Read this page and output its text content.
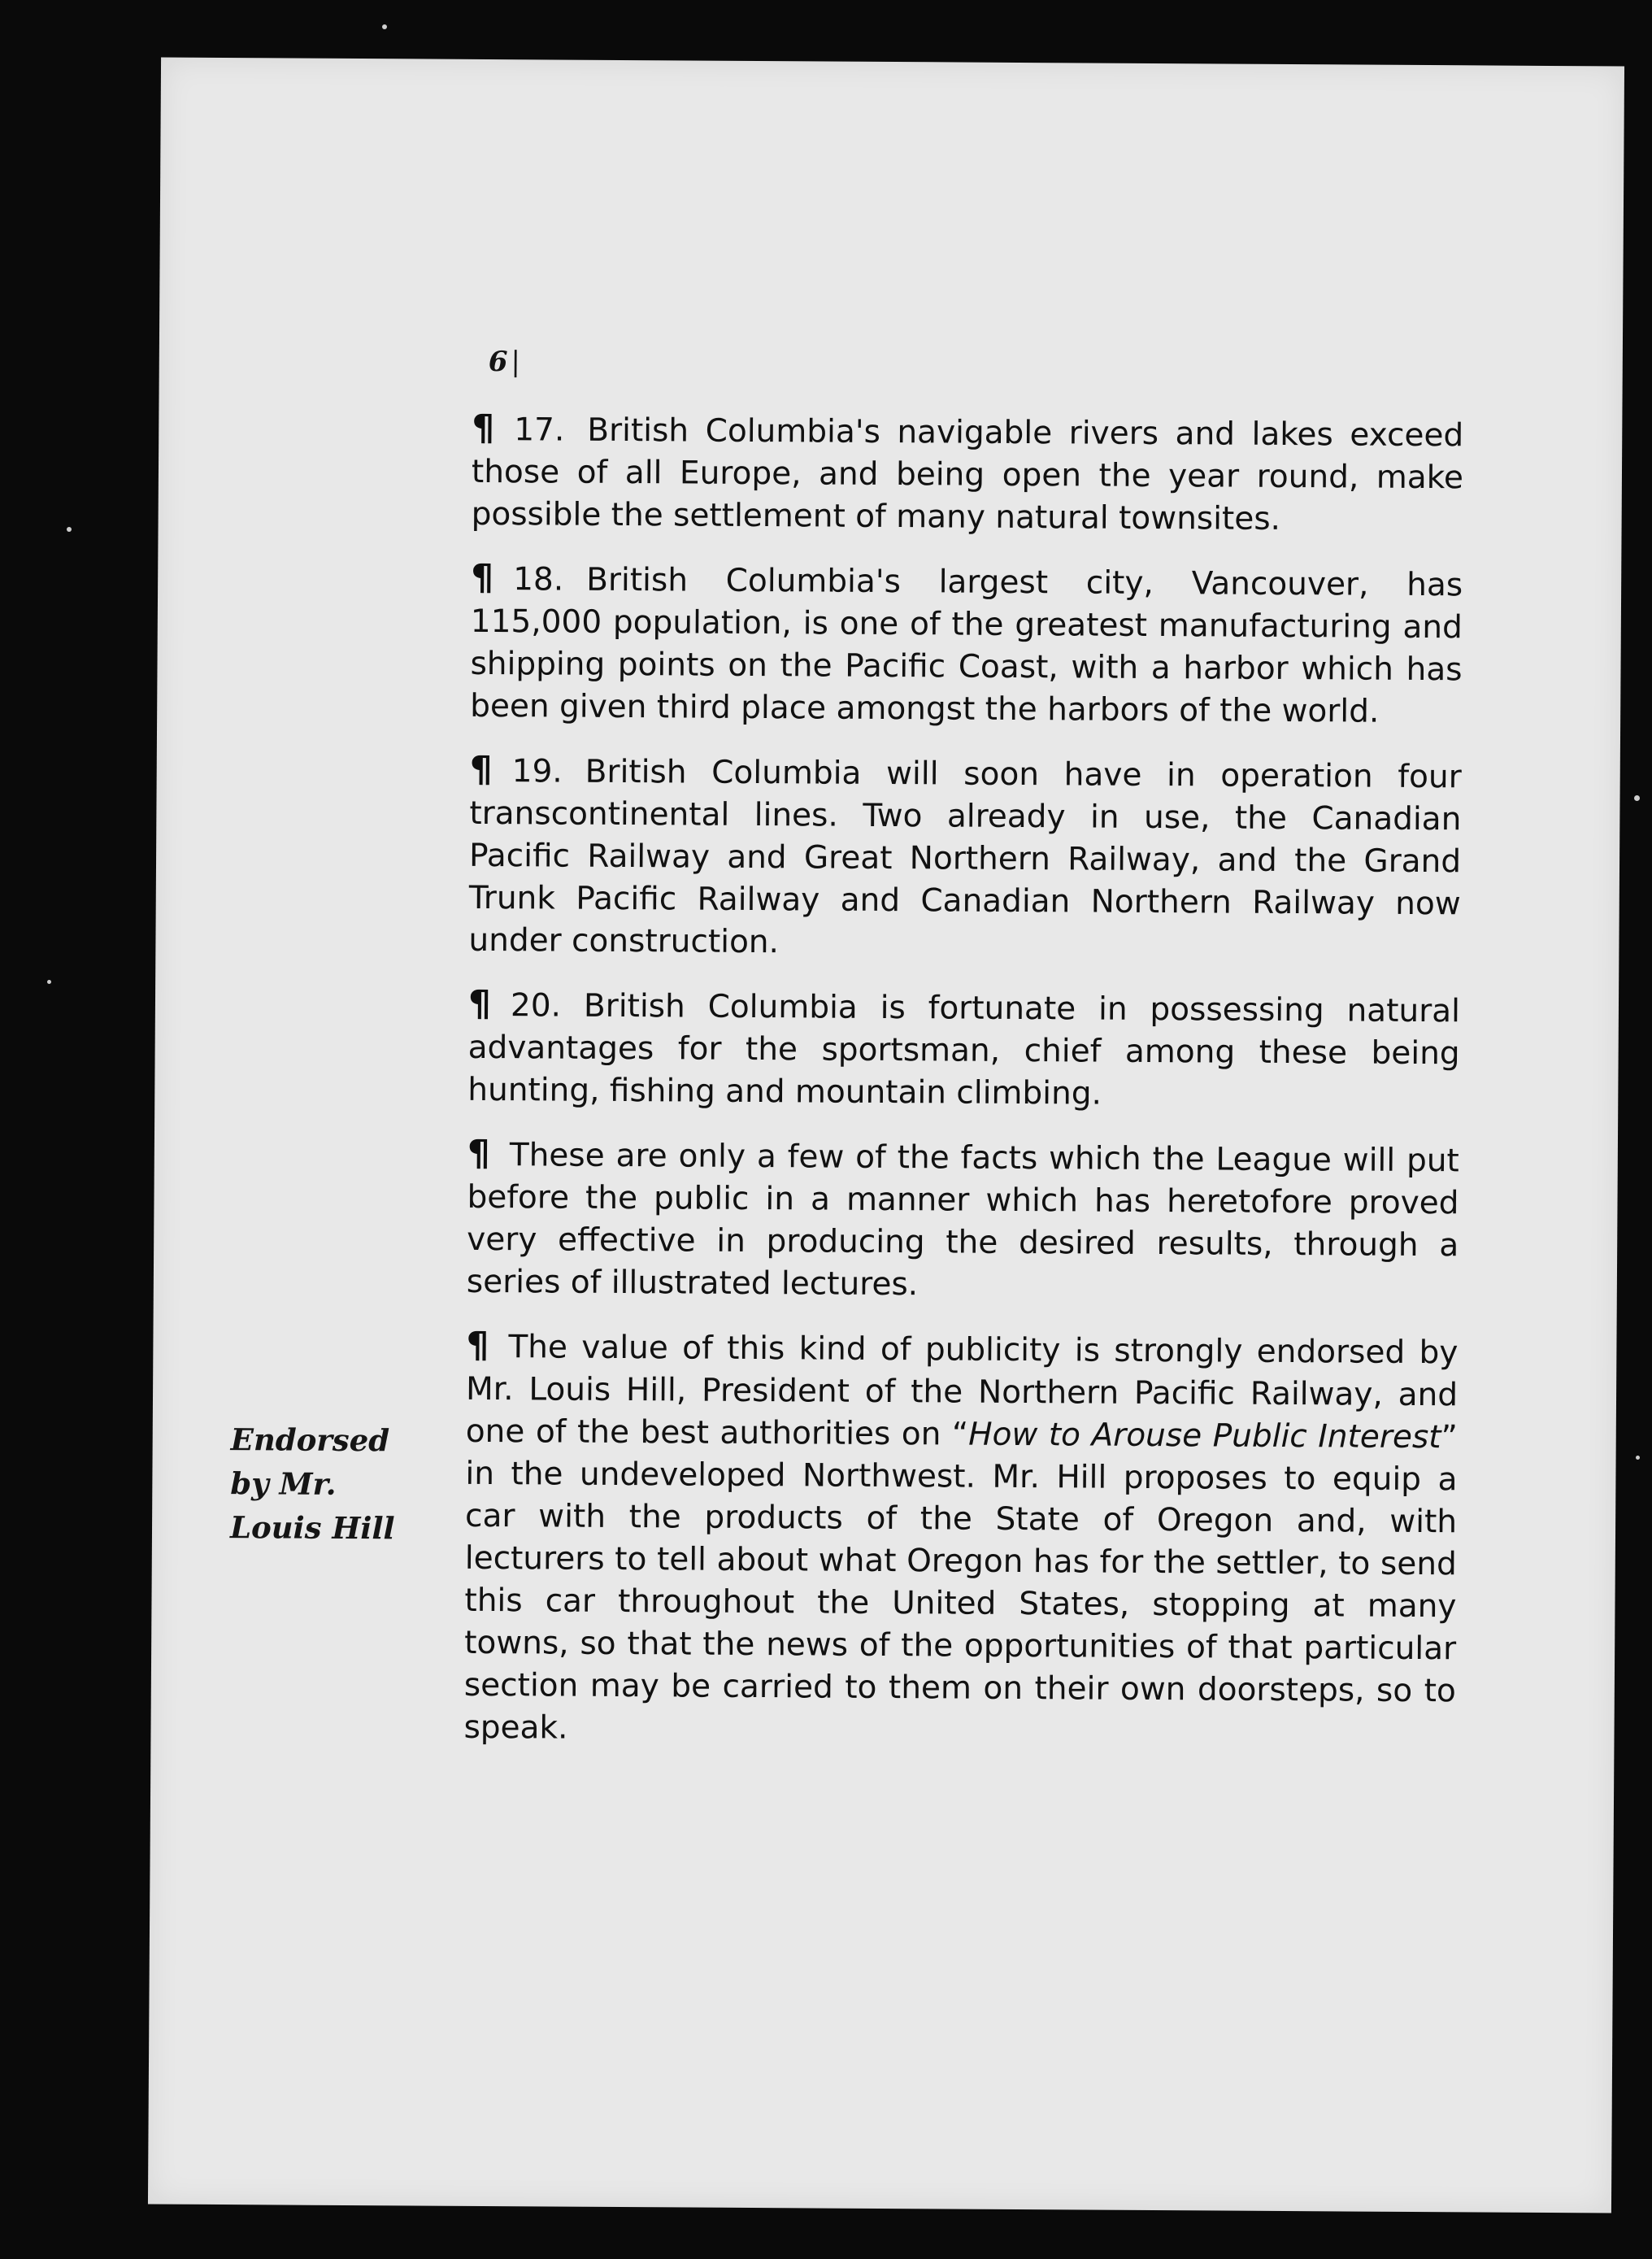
6 |

Endorsed
by Mr.
Louis Hill

¶ 17. British Columbia's navigable rivers and lakes exceed those of all Europe, and being open the year round, make possible the settlement of many natural townsites.

¶ 18. British Columbia's largest city, Vancouver, has 115,000 population, is one of the greatest manufacturing and shipping points on the Pacific Coast, with a harbor which has been given third place amongst the harbors of the world.

¶ 19. British Columbia will soon have in operation four transcontinental lines. Two already in use, the Canadian Pacific Railway and Great Northern Railway, and the Grand Trunk Pacific Railway and Canadian Northern Railway now under construction.

¶ 20. British Columbia is fortunate in possessing natural advantages for the sportsman, chief among these being hunting, fishing and mountain climbing.

¶ These are only a few of the facts which the League will put before the public in a manner which has heretofore proved very effective in producing the desired results, through a series of illustrated lectures.

¶ The value of this kind of publicity is strongly endorsed by Mr. Louis Hill, President of the Northern Pacific Railway, and one of the best authorities on “How to Arouse Public Interest” in the undeveloped Northwest. Mr. Hill proposes to equip a car with the products of the State of Oregon and, with lecturers to tell about what Oregon has for the settler, to send this car throughout the United States, stopping at many towns, so that the news of the opportunities of that particular section may be carried to them on their own doorsteps, so to speak.
